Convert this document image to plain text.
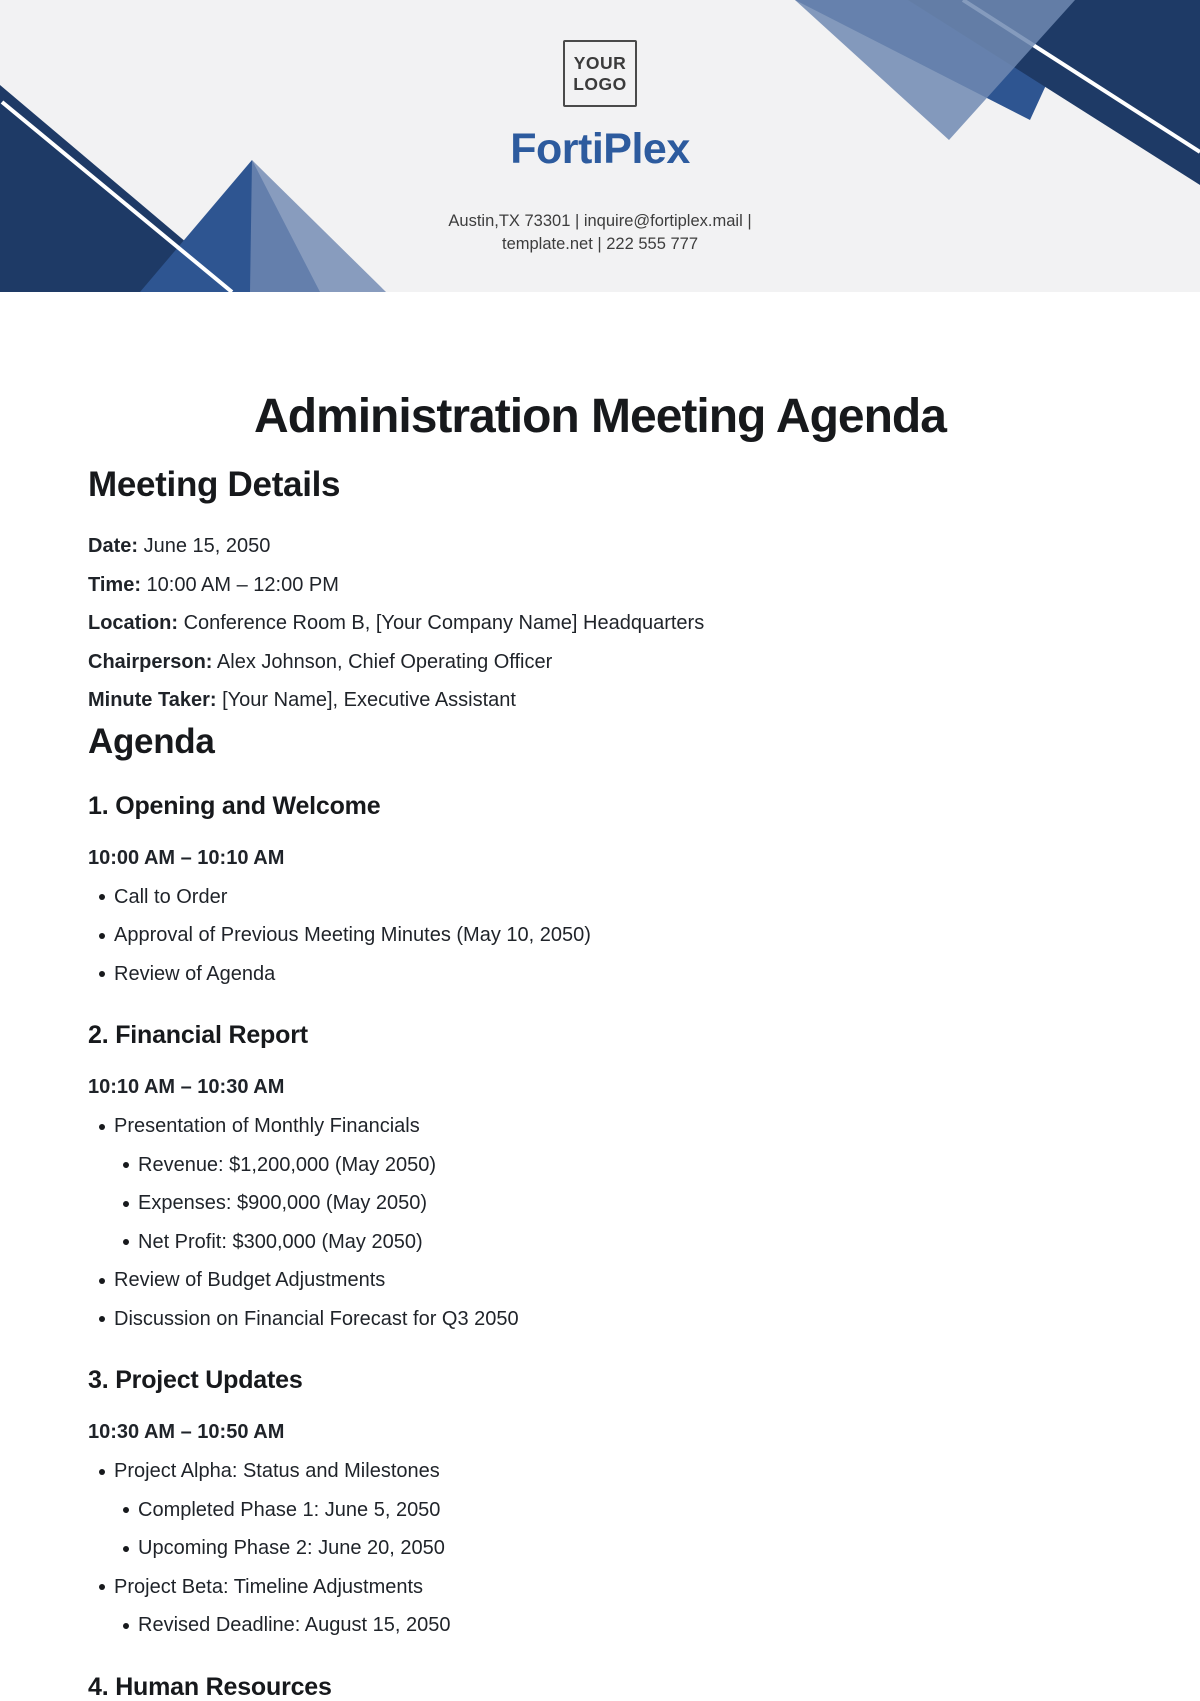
YOUR
LOGO
FortiPlex
Austin,TX 73301 | inquire@fortiplex.mail |
template.net | 222 555 777
Administration Meeting Agenda
Meeting Details

Date: June 15, 2050

Time: 10:00 AM – 12:00 PM

Location: Conference Room B, [Your Company Name] Headquarters

Chairperson: Alex Johnson, Chief Operating Officer

Minute Taker: [Your Name], Executive Assistant

Agenda
1. Opening and Welcome

10:00 AM – 10:10 AM

Call to Order
Approval of Previous Meeting Minutes (May 10, 2050)
Review of Agenda
2. Financial Report

10:10 AM – 10:30 AM

Presentation of Monthly Financials
Revenue: $1,200,000 (May 2050)
Expenses: $900,000 (May 2050)
Net Profit: $300,000 (May 2050)
Review of Budget Adjustments
Discussion on Financial Forecast for Q3 2050
3. Project Updates

10:30 AM – 10:50 AM

Project Alpha: Status and Milestones
Completed Phase 1: June 5, 2050
Upcoming Phase 2: June 20, 2050
Project Beta: Timeline Adjustments
Revised Deadline: August 15, 2050
4. Human Resources
